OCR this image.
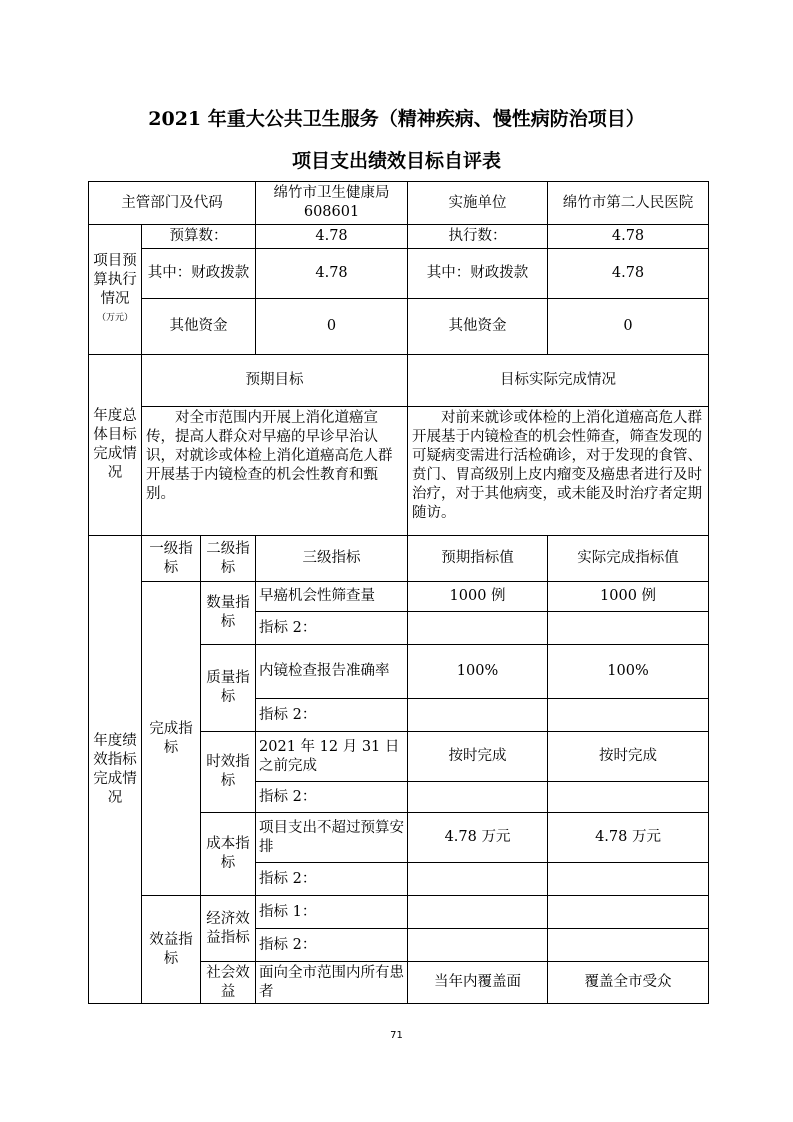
2021 年重大公共卫生服务（精神疾病、慢性病防治项目）
项目支出绩效目标自评表
主管部门及代码			绵竹市卫生健康局 608601	实施单位	绵竹市第二人民医院
项目预算执行情况
（万元）	预算数：		4.78	执行数：	4.78
	其中：财政拨款		4.78	其中：财政拨款	4.78
	其他资金		0	其他资金	0
年度总体目标完成情况	预期目标			目标实际完成情况	
	对全市范围内开展上消化道癌宣传，提高人群众对早癌的早诊早治认识，对就诊或体检上消化道癌高危人群开展基于内镜检查的机会性教育和甄别。			对前来就诊或体检的上消化道癌高危人群开展基于内镜检查的机会性筛查，筛查发现的可疑病变需进行活检确诊，对于发现的食管、贲门、胃高级别上皮内瘤变及癌患者进行及时治疗，对于其他病变，或未能及时治疗者定期随访。	
年度绩效指标完成情况	一级指标	二级指标	三级指标	预期指标值	实际完成指标值
	完成指标	数量指标	早癌机会性筛查量	1000 例	1000 例
			指标 2：		
		质量指标	内镜检查报告准确率	100%	100%
			指标 2：		
		时效指标	2021 年 12 月 31 日之前完成	按时完成	按时完成
			指标 2：		
		成本指标	项目支出不超过预算安排	4.78 万元	4.78 万元
			指标 2：		
	效益指标	经济效益指标	指标 1：		
			指标 2：		
		社会效益	面向全市范围内所有患者	当年内覆盖面	覆盖全市受众
71
